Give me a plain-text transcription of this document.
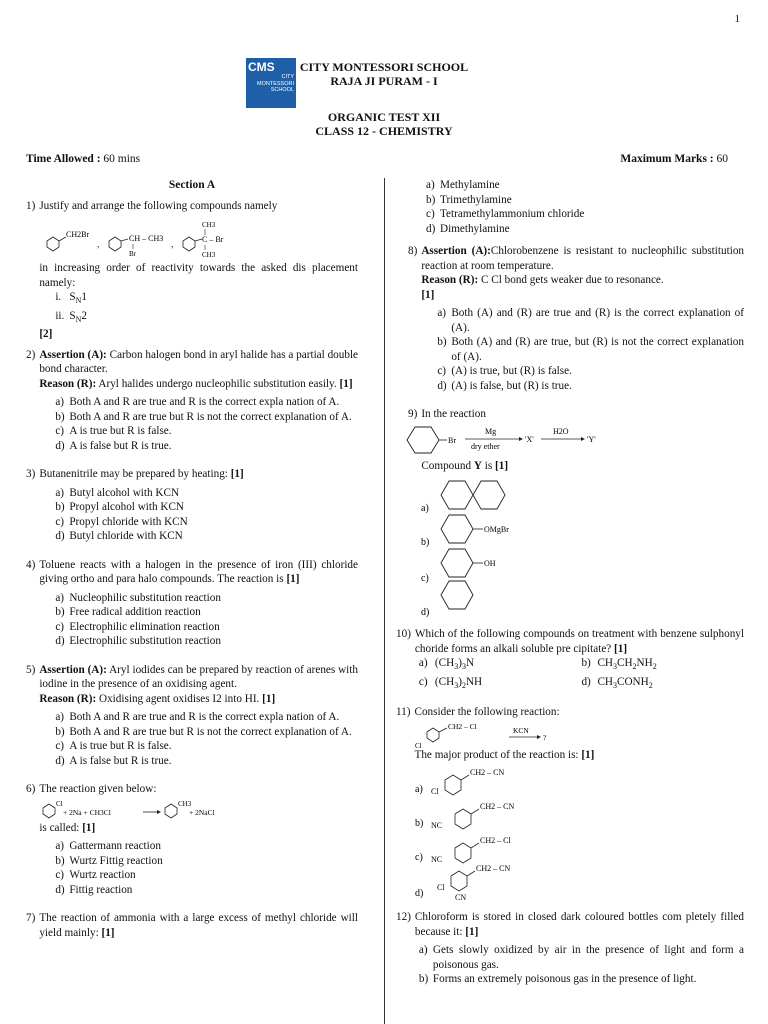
1
CMS
CITY
MONTESSORI
SCHOOL
CITY MONTESSORI SCHOOL
RAJA JI PURAM - I
ORGANIC TEST XII
CLASS 12 - CHEMISTRY
Time Allowed : 60 mins	Maximum Marks : 60
Section A
1) Justify and arrange the following compounds namely
CH2Br
,
CH – CH3
Br
,
CH3
C – Br
CH3
in increasing order of reactivity towards the asked dis placement namely:
i. $S_N1$
ii. $S_N2$
[2]
2) Assertion (A): Carbon halogen bond in aryl halide has a partial double bond character.
Reason (R): Aryl halides undergo nucleophilic substitution easily. [1]
a) Both A and R are true and R is the correct expla nation of A.
b) Both A and R are true but R is not the correct explanation of A.
c) A is true but R is false.
d) A is false but R is true.
3) Butanenitrile may be prepared by heating: [1]
a) Butyl alcohol with KCN
b) Propyl alcohol with KCN
c) Propyl chloride with KCN
d) Butyl chloride with KCN
4) Toluene reacts with a halogen in the presence of iron (III) chloride giving ortho and para halo compounds. The reaction is [1]
a) Nucleophilic substitution reaction
b) Free radical addition reaction
c) Electrophilic elimination reaction
d) Electrophilic substitution reaction
5) Assertion (A): Aryl iodides can be prepared by reaction of arenes with iodine in the presence of an oxidising agent.
Reason (R): Oxidising agent oxidises I2 into HI. [1]
a) Both A and R are true and R is the correct expla nation of A.
b) Both A and R are true but R is not the correct explanation of A.
c) A is true but R is false.
d) A is false but R is true.
6) The reaction given below:
Cl
+ 2Na + CH3Cl
CH3
+ 2NaCl
is called: [1]
a) Gattermann reaction
b) Wurtz Fittig reaction
c) Wurtz reaction
d) Fittig reaction
7) The reaction of ammonia with a large excess of methyl chloride will yield mainly: [1]
a) Methylamine
b) Trimethylamine
c) Tetramethylammonium chloride
d) Dimethylamine
8) Assertion (A):Chlorobenzene is resistant to nucleophilic substitution reaction at room temperature.
Reason (R): C Cl bond gets weaker due to resonance.
[1]
a) Both (A) and (R) are true and (R) is the correct explanation of (A).
b) Both (A) and (R) are true, but (R) is not the correct explanation of (A).
c) (A) is true, but (R) is false.
d) (A) is false, but (R) is true.
9) In the reaction
Br
Mg
dry ether
'X'
H2O
'Y'
Compound Y is [1]
a)
b)
OMgBr
c)
OH
d)
10) Which of the following compounds on treatment with benzene sulphonyl choride forms an alkali soluble pre cipitate? [1]
a) $(CH_3)_3N$	b) $CH_3CH_2NH_2$
c) $(CH_3)_2NH$	d) $CH_3CONH_2$
11) Consider the following reaction:
Cl
CH2 – Cl	KCN
?
The major product of the reaction is: [1]
a) Cl
CH2 – CN
b) NC
CH2 – CN
c) NC
CH2 – Cl
d)
Cl
CN
CH2 – CN
12) Chloroform is stored in closed dark coloured bottles com pletely filled because it: [1]
a) Gets slowly oxidized by air in the presence of light and form a poisonous gas.
b) Forms an extremely poisonous gas in the presence of light.
